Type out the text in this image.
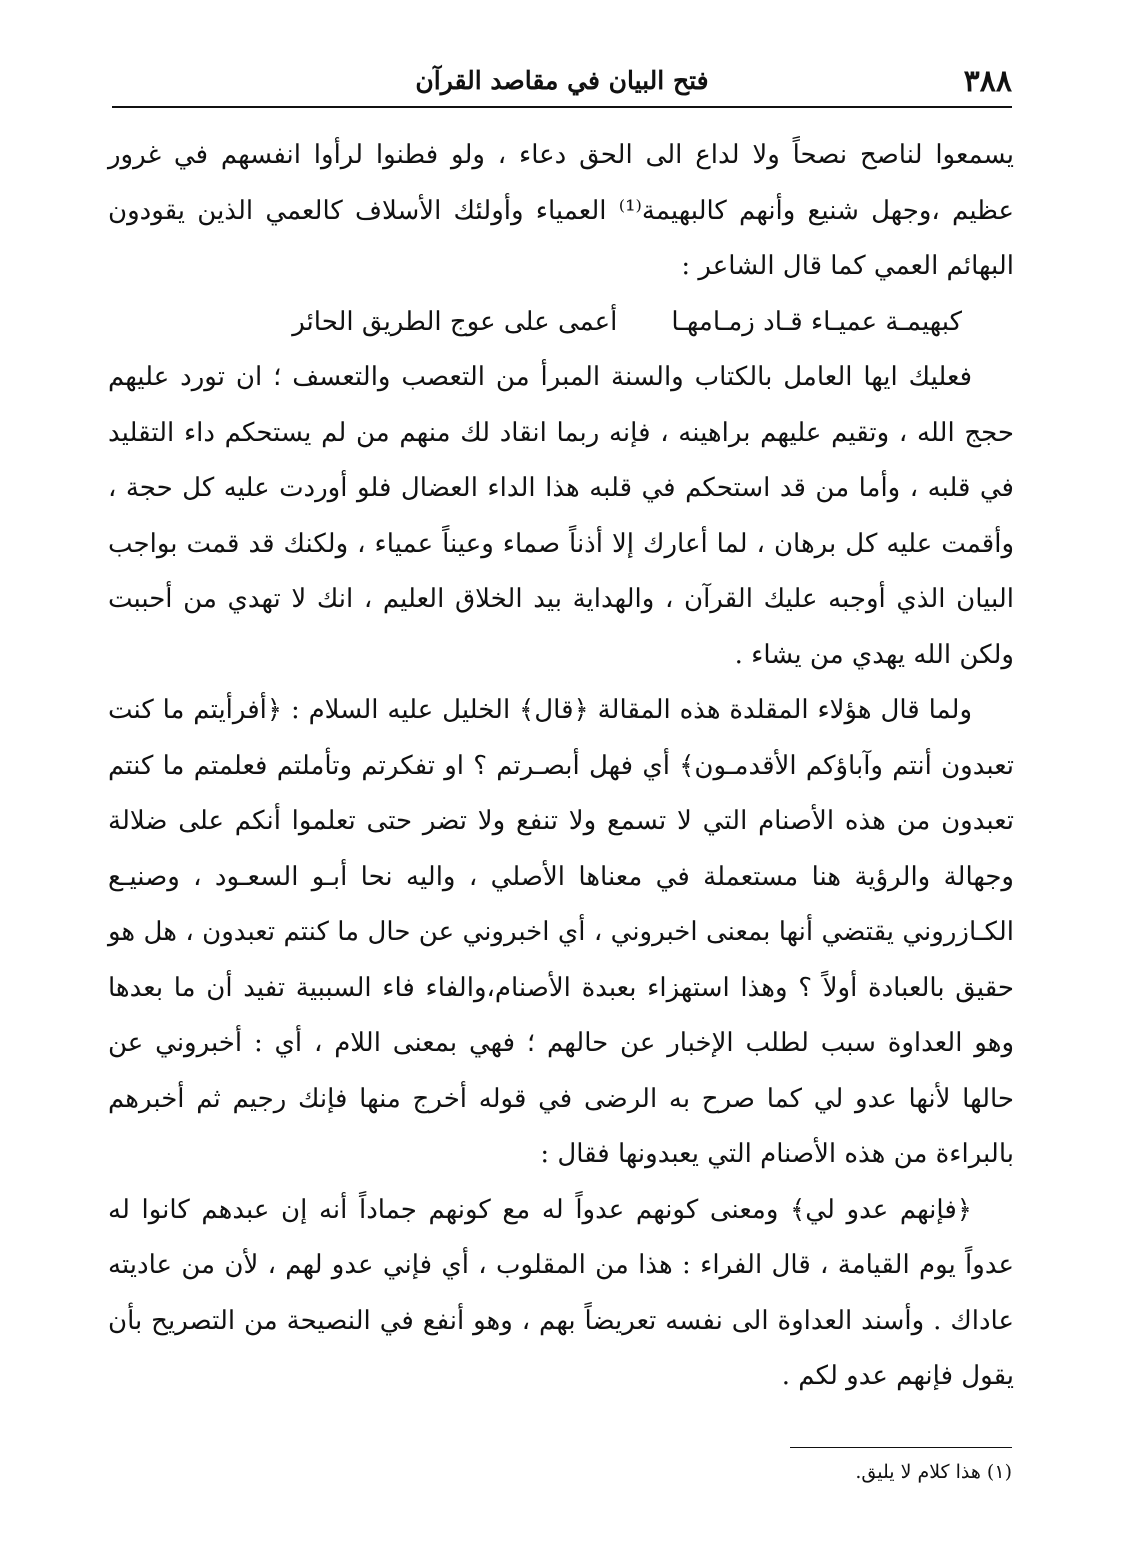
٣٨٨
فتح البيان في مقاصد القرآن

يسمعوا لناصح نصحاً ولا لداع الى الحق دعاء ، ولو فطنوا لرأوا انفسهم في غرور عظيم ،وجهل شنيع وأنهم كالبهيمة⁽¹⁾ العمياء وأولئك الأسلاف كالعمي الذين يقودون البهائم العمي كما قال الشاعر :

كبهيمـة عميـاء قـاد زمـامهـا
أعمى على عوج الطريق الحائر

فعليك ايها العامل بالكتاب والسنة المبرأ من التعصب والتعسف ؛ ان تورد عليهم حجج الله ، وتقيم عليهم براهينه ، فإنه ربما انقاد لك منهم من لم يستحكم داء التقليد في قلبه ، وأما من قد استحكم في قلبه هذا الداء العضال فلو أوردت عليه كل حجة ، وأقمت عليه كل برهان ، لما أعارك إلا أذناً صماء وعيناً عمياء ، ولكنك قد قمت بواجب البيان الذي أوجبه عليك القرآن ، والهداية بيد الخلاق العليم ، انك لا تهدي من أحببت ولكن الله يهدي من يشاء .

ولما قال هؤلاء المقلدة هذه المقالة ﴿قال﴾ الخليل عليه السلام : ﴿أفرأيتم ما كنت تعبدون أنتم وآباؤكم الأقدمـون﴾ أي فهل أبصـرتم ؟ او تفكرتم وتأملتم فعلمتم ما كنتم تعبدون من هذه الأصنام التي لا تسمع ولا تنفع ولا تضر حتى تعلموا أنكم على ضلالة وجهالة والرؤية هنا مستعملة في معناها الأصلي ، واليه نحا أبـو السعـود ، وصنيـع الكـازروني يقتضي أنها بمعنى اخبروني ، أي اخبروني عن حال ما كنتم تعبدون ، هل هو حقيق بالعبادة أولاً ؟ وهذا استهزاء بعبدة الأصنام،والفاء فاء السببية تفيد أن ما بعدها وهو العداوة سبب لطلب الإخبار عن حالهم ؛ فهي بمعنى اللام ، أي : أخبروني عن حالها لأنها عدو لي كما صرح به الرضى في قوله أخرج منها فإنك رجيم ثم أخبرهم بالبراءة من هذه الأصنام التي يعبدونها فقال :

﴿فإنهم عدو لي﴾ ومعنى كونهم عدواً له مع كونهم جماداً أنه إن عبدهم كانوا له عدواً يوم القيامة ، قال الفراء : هذا من المقلوب ، أي فإني عدو لهم ، لأن من عاديته عاداك . وأسند العداوة الى نفسه تعريضاً بهم ، وهو أنفع في النصيحة من التصريح بأن يقول فإنهم عدو لكم .

(١) هذا كلام لا يليق.
